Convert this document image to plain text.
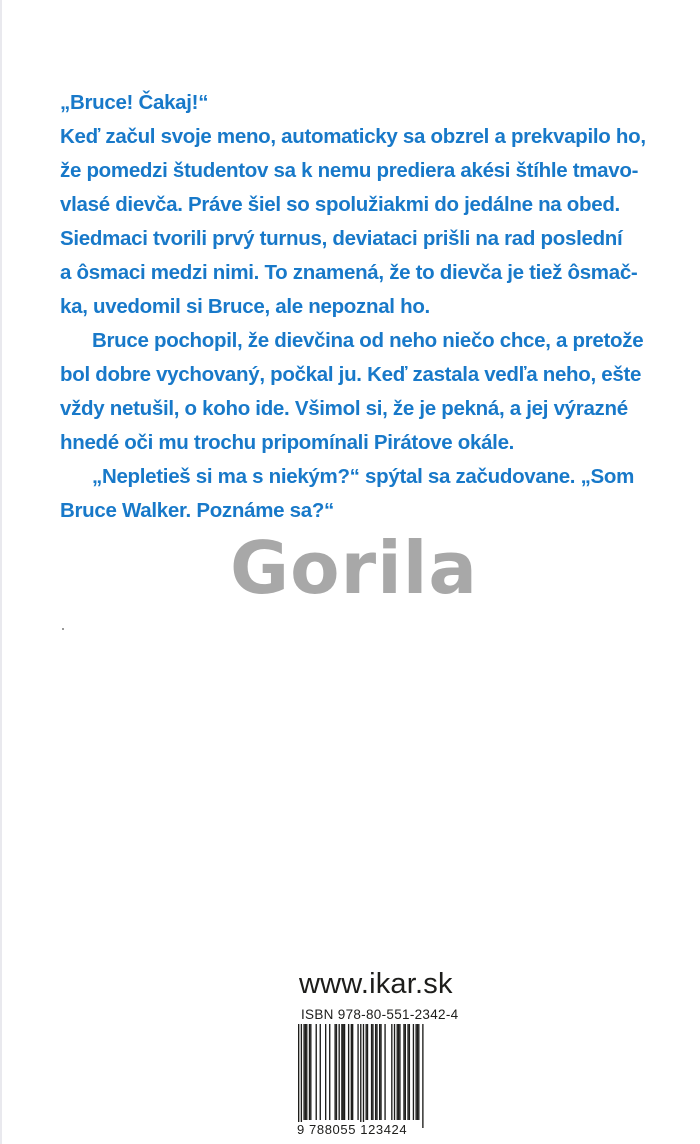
„Bruce! Čakaj!“
Keď začul svoje meno, automaticky sa obzrel a prekvapilo ho,
že pomedzi študentov sa k nemu prediera akési štíhle tmavo-
vlasé dievča. Práve šiel so spolužiakmi do jedálne na obed.
Siedmaci tvorili prvý turnus, deviataci prišli na rad poslední
a ôsmaci medzi nimi. To znamená, že to dievča je tiež ôsmač-
ka, uvedomil si Bruce, ale nepoznal ho.
Bruce pochopil, že dievčina od neho niečo chce, a pretože
bol dobre vychovaný, počkal ju. Keď zastala vedľa neho, ešte
vždy netušil, o koho ide. Všimol si, že je pekná, a jej výrazné
hnedé oči mu trochu pripomínali Pirátove okále.
„Nepletieš si ma s niekým?“ spýtal sa začudovane. „Som
Bruce Walker. Poznáme sa?“
Gorila
www.ikar.sk
ISBN 978-80-551-2342-4
9 788055 123424
